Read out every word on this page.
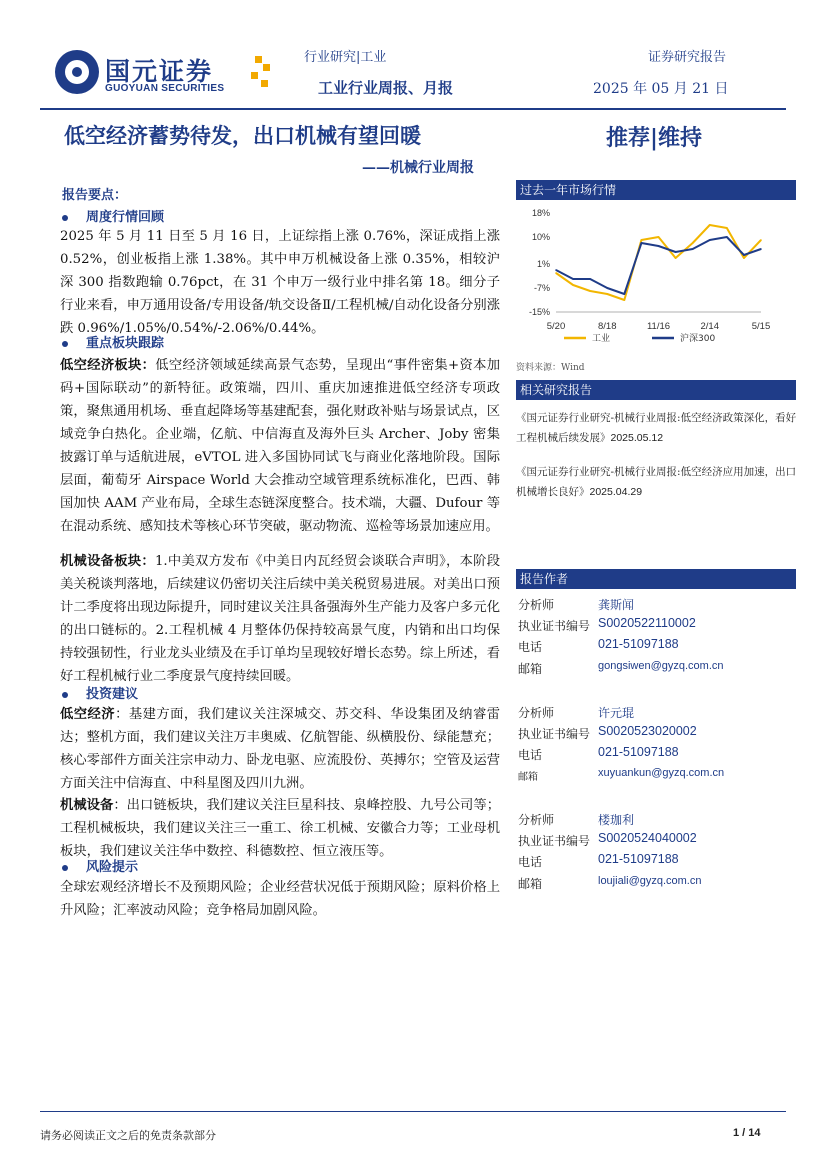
国元证券
GUOYUAN SECURITIES
行业研究|工业	证券研究报告
工业行业周报、月报	2025 年 05 月 21 日
低空经济蓄势待发，出口机械有望回暖
——机械行业周报
推荐|维持
报告要点：
周度行情回顾
2025 年 5 月 11 日至 5 月 16 日，上证综指上涨 0.76%，深证成指上涨 0.52%，创业板指上涨 1.38%。其中申万机械设备上涨 0.35%，相较沪深 300 指数跑输 0.76pct，在 31 个申万一级行业中排名第 18。细分子行业来看，申万通用设备/专用设备/轨交设备Ⅱ/工程机械/自动化设备分别涨跌 0.96%/1.05%/0.54%/-2.06%/0.44%。
重点板块跟踪
低空经济板块：低空经济领域延续高景气态势，呈现出“事件密集+资本加码+国际联动”的新特征。政策端，四川、重庆加速推进低空经济专项政策，聚焦通用机场、垂直起降场等基建配套，强化财政补贴与场景试点，区域竞争白热化。企业端，亿航、中信海直及海外巨头 Archer、Joby 密集披露订单与适航进展，eVTOL 进入多国协同试飞与商业化落地阶段。国际层面，葡萄牙 Airspace World 大会推动空域管理系统标准化，巴西、韩国加快 AAM 产业布局，全球生态链深度整合。技术端，大疆、Dufour 等在混动系统、感知技术等核心环节突破，驱动物流、巡检等场景加速应用。
机械设备板块：1.中美双方发布《中美日内瓦经贸会谈联合声明》，本阶段美关税谈判落地，后续建议仍密切关注后续中美关税贸易进展。对美出口预计二季度将出现边际提升，同时建议关注具备强海外生产能力及客户多元化的出口链标的。2.工程机械 4 月整体仍保持较高景气度，内销和出口均保持较强韧性，行业龙头业绩及在手订单均呈现较好增长态势。综上所述，看好工程机械行业二季度景气度持续回暖。
投资建议
低空经济：基建方面，我们建议关注深城交、苏交科、华设集团及纳睿雷达；整机方面，我们建议关注万丰奥威、亿航智能、纵横股份、绿能慧充；核心零部件方面关注宗申动力、卧龙电驱、应流股份、英搏尔；空管及运营方面关注中信海直、中科星图及四川九洲。
机械设备：出口链板块，我们建议关注巨星科技、泉峰控股、九号公司等；工程机械板块，我们建议关注三一重工、徐工机械、安徽合力等；工业母机板块，我们建议关注华中数控、科德数控、恒立液压等。
风险提示
全球宏观经济增长不及预期风险；企业经营状况低于预期风险；原料价格上升风险；汇率波动风险；竞争格局加剧风险。
过去一年市场行情
18%
10%
1%
-7%
-15%
5/20	8/18	11/16	2/14	5/15
工业	沪深300
资料来源：Wind
相关研究报告
《国元证券行业研究-机械行业周报:低空经济政策深化，看好工程机械后续发展》2025.05.12
《国元证券行业研究-机械行业周报:低空经济应用加速，出口机械增长良好》2025.04.29
报告作者
分析师	龚斯闻
执业证书编号 S0020522110002
电话	021-51097188
邮箱	gongsiwen@gyzq.com.cn
分析师	许元琨
执业证书编号 S0020523020002
电话	021-51097188
邮箱	xuyuankun@gyzq.com.cn
分析师	楼珈利
执业证书编号 S0020524040002
电话	021-51097188
邮箱	loujiali@gyzq.com.cn
请务必阅读正文之后的免责条款部分	1 / 14
